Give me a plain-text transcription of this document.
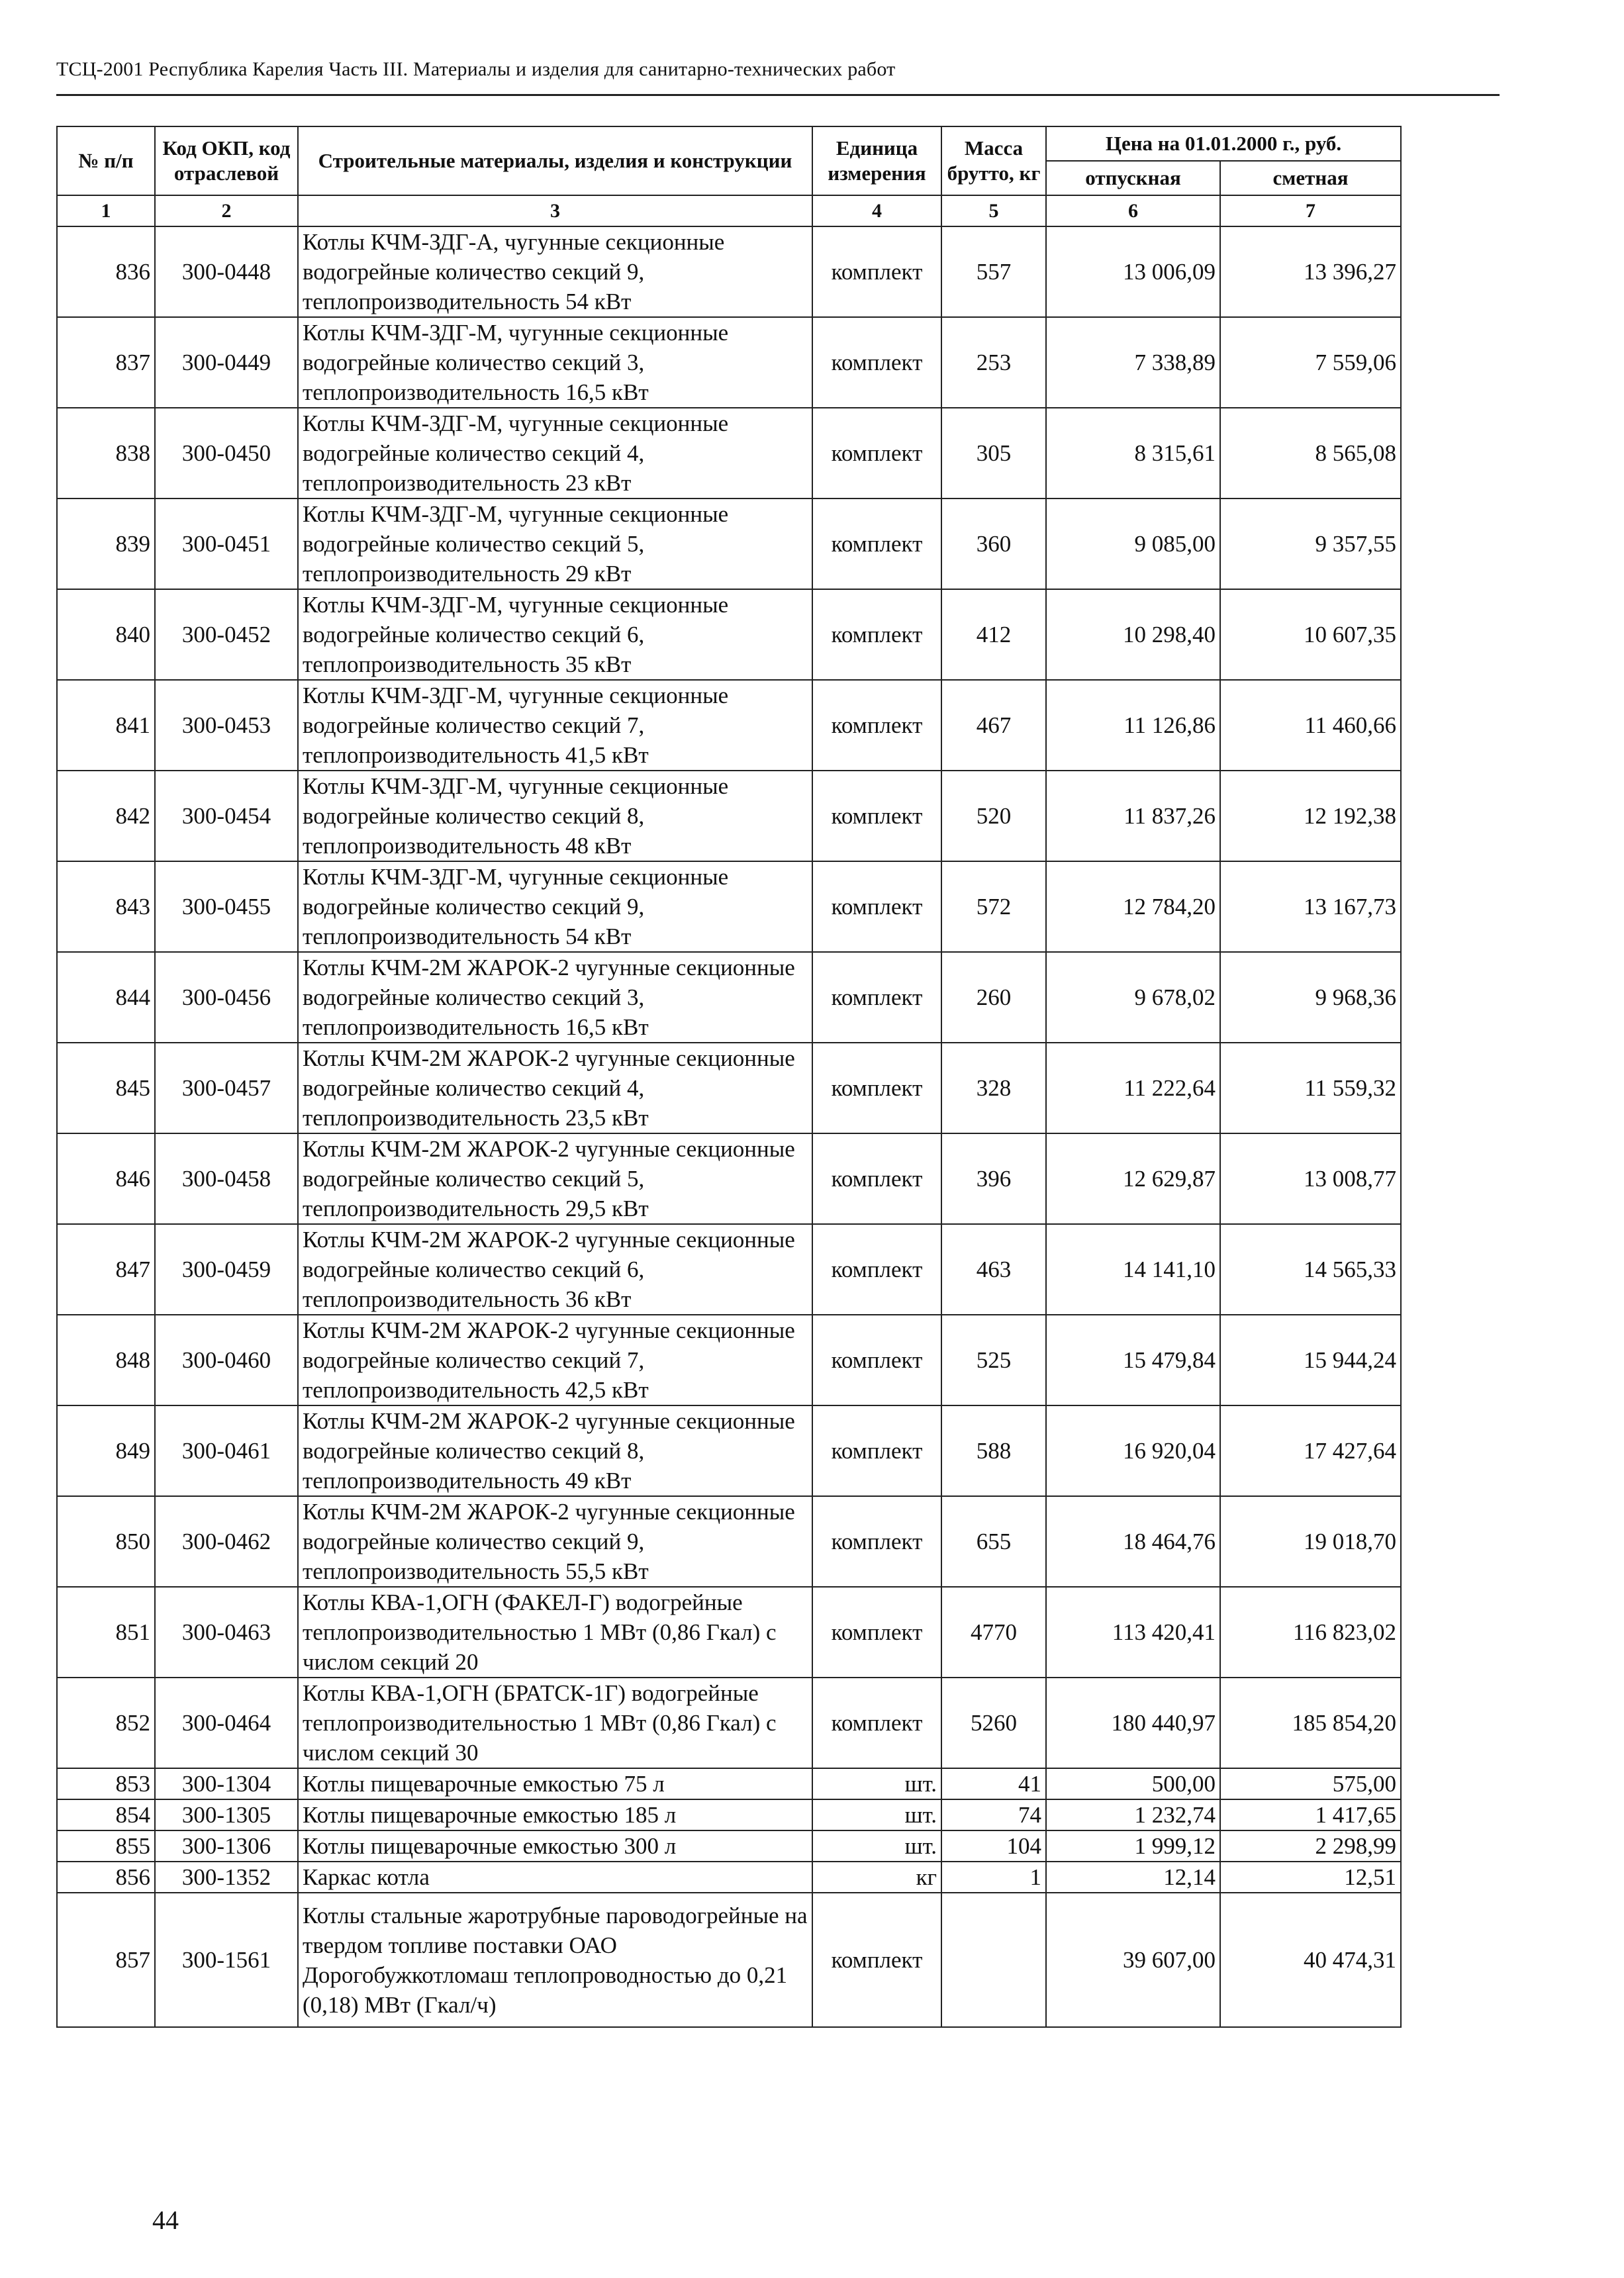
ТСЦ-2001 Республика Карелия Часть III. Материалы и изделия для санитарно-технических работ
№ п/п	Код ОКП, код отраслевой	Строительные материалы, изделия и конструкции	Единица измерения	Масса брутто, кг	Цена на 01.01.2000 г., руб.	
					отпускная	сметная
1	2	3	4	5	6	7
836	300-0448	Котлы КЧМ-ЗДГ-А, чугунные секционные водогрейные количество секций 9, теплопроизводительность 54 кВт	комплект	557	13 006,09	13 396,27
837	300-0449	Котлы КЧМ-ЗДГ-М, чугунные секционные водогрейные количество секций 3, теплопроизводительность 16,5 кВт	комплект	253	7 338,89	7 559,06
838	300-0450	Котлы КЧМ-ЗДГ-М, чугунные секционные водогрейные количество секций 4, теплопроизводительность 23 кВт	комплект	305	8 315,61	8 565,08
839	300-0451	Котлы КЧМ-ЗДГ-М, чугунные секционные водогрейные количество секций 5, теплопроизводительность 29 кВт	комплект	360	9 085,00	9 357,55
840	300-0452	Котлы КЧМ-ЗДГ-М, чугунные секционные водогрейные количество секций 6, теплопроизводительность 35 кВт	комплект	412	10 298,40	10 607,35
841	300-0453	Котлы КЧМ-ЗДГ-М, чугунные секционные водогрейные количество секций 7, теплопроизводительность 41,5 кВт	комплект	467	11 126,86	11 460,66
842	300-0454	Котлы КЧМ-ЗДГ-М, чугунные секционные водогрейные количество секций 8, теплопроизводительность 48 кВт	комплект	520	11 837,26	12 192,38
843	300-0455	Котлы КЧМ-ЗДГ-М, чугунные секционные водогрейные количество секций 9, теплопроизводительность 54 кВт	комплект	572	12 784,20	13 167,73
844	300-0456	Котлы КЧМ-2М ЖАРОК-2 чугунные секционные водогрейные количество секций 3, теплопроизводительность 16,5 кВт	комплект	260	9 678,02	9 968,36
845	300-0457	Котлы КЧМ-2М ЖАРОК-2 чугунные секционные водогрейные количество секций 4, теплопроизводительность 23,5 кВт	комплект	328	11 222,64	11 559,32
846	300-0458	Котлы КЧМ-2М ЖАРОК-2 чугунные секционные водогрейные количество секций 5, теплопроизводительность 29,5 кВт	комплект	396	12 629,87	13 008,77
847	300-0459	Котлы КЧМ-2М ЖАРОК-2 чугунные секционные водогрейные количество секций 6, теплопроизводительность 36 кВт	комплект	463	14 141,10	14 565,33
848	300-0460	Котлы КЧМ-2М ЖАРОК-2 чугунные секционные водогрейные количество секций 7, теплопроизводительность 42,5 кВт	комплект	525	15 479,84	15 944,24
849	300-0461	Котлы КЧМ-2М ЖАРОК-2 чугунные секционные водогрейные количество секций 8, теплопроизводительность 49 кВт	комплект	588	16 920,04	17 427,64
850	300-0462	Котлы КЧМ-2М ЖАРОК-2 чугунные секционные водогрейные количество секций 9, теплопроизводительность 55,5 кВт	комплект	655	18 464,76	19 018,70
851	300-0463	Котлы КВА-1,ОГН (ФАКЕЛ-Г) водогрейные теплопроизводительностью 1 МВт (0,86 Гкал) с числом секций 20	комплект	4770	113 420,41	116 823,02
852	300-0464	Котлы КВА-1,ОГН (БРАТСК-1Г) водогрейные теплопроизводительностью 1 МВт (0,86 Гкал) с числом секций 30	комплект	5260	180 440,97	185 854,20
853	300-1304	Котлы пищеварочные емкостью 75 л	шт.	41	500,00	575,00
854	300-1305	Котлы пищеварочные емкостью 185 л	шт.	74	1 232,74	1 417,65
855	300-1306	Котлы пищеварочные емкостью 300 л	шт.	104	1 999,12	2 298,99
856	300-1352	Каркас котла	кг	1	12,14	12,51
857	300-1561	Котлы стальные жаротрубные пароводогрейные на твердом топливе поставки ОАО Дорогобужкотломаш теплопроводностью до 0,21 (0,18) МВт (Гкал/ч)	комплект		39 607,00	40 474,31
44
